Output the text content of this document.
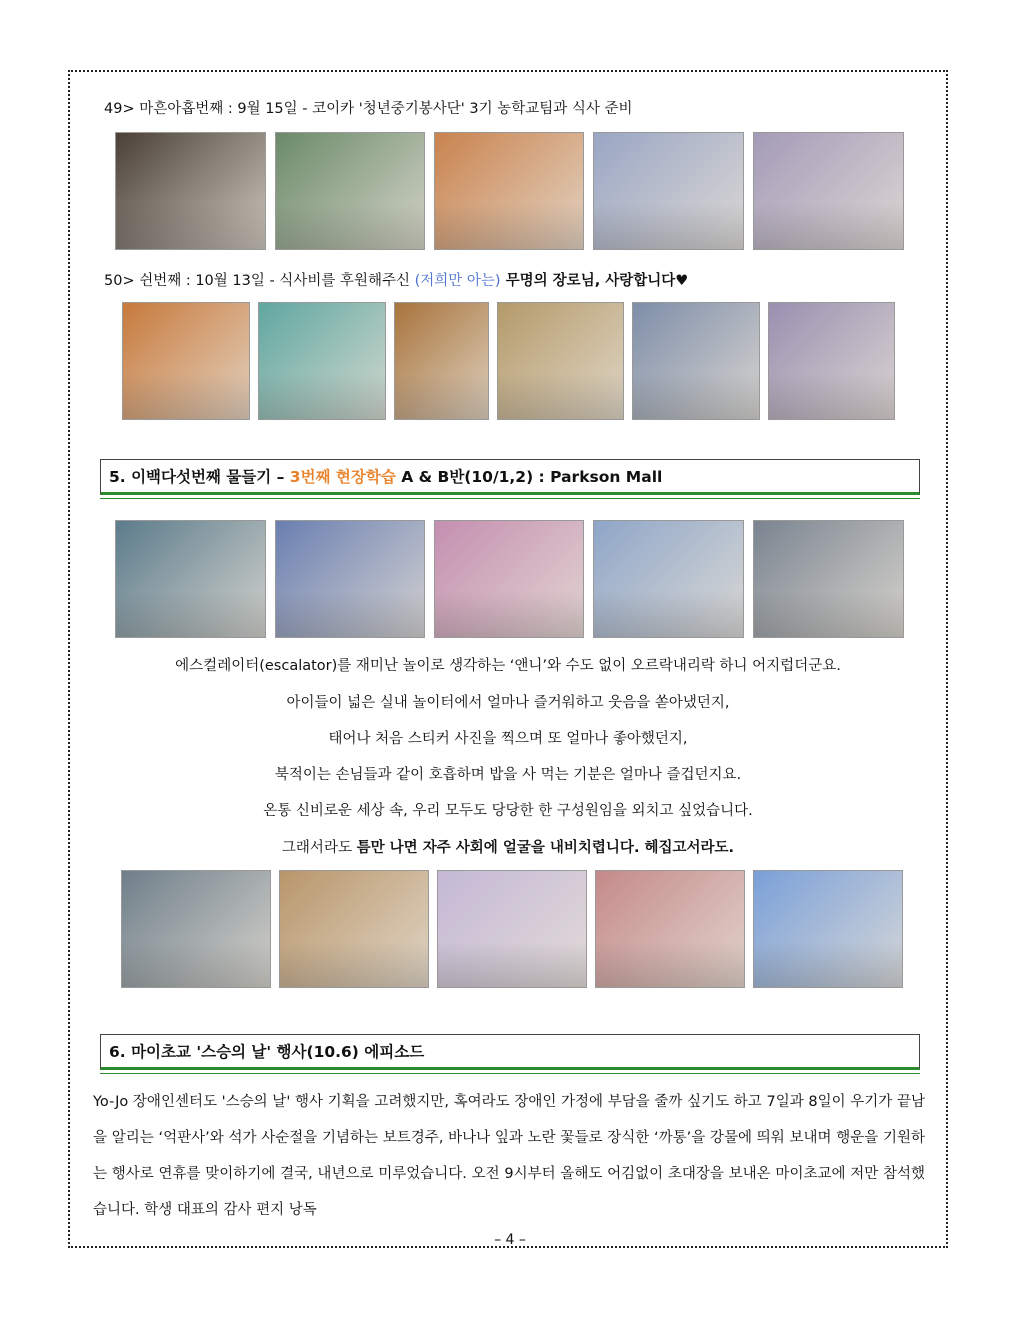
49> 마흔아홉번째 : 9월 15일 - 코이카 '청년중기봉사단' 3기 농학교팀과 식사 준비
50> 쉰번째 : 10월 13일 - 식사비를 후원해주신 (저희만 아는) 무명의 장로님, 사랑합니다♥
5. 이백다섯번째 물들기 – 3번째 현장학습 A & B반(10/1,2) : Parkson Mall
에스컬레이터(escalator)를 재미난 놀이로 생각하는 ‘앤니’와 수도 없이 오르락내리락 하니 어지럽더군요.
아이들이 넓은 실내 놀이터에서 얼마나 즐거워하고 웃음을 쏟아냈던지,
태어나 처음 스티커 사진을 찍으며 또 얼마나 좋아했던지,
북적이는 손님들과 같이 호흡하며 밥을 사 먹는 기분은 얼마나 즐겁던지요.
온통 신비로운 세상 속, 우리 모두도 당당한 한 구성원임을 외치고 싶었습니다.
그래서라도 틈만 나면 자주 사회에 얼굴을 내비치렵니다. 헤집고서라도.
6. 마이초교 '스승의 날' 행사(10.6) 에피소드
Yo-Jo 장애인센터도 '스승의 날' 행사 기획을 고려했지만, 혹여라도 장애인 가정에 부담을 줄까 싶기도 하고 7일과 8일이 우기가 끝남을 알리는 ‘억판사’와 석가 사순절을 기념하는 보트경주, 바나나 잎과 노란 꽃들로 장식한 ‘까통’을 강물에 띄워 보내며 행운을 기원하는 행사로 연휴를 맞이하기에 결국, 내년으로 미루었습니다. 오전 9시부터 올해도 어김없이 초대장을 보내온 마이초교에 저만 참석했습니다. 학생 대표의 감사 편지 낭독
– 4 –
